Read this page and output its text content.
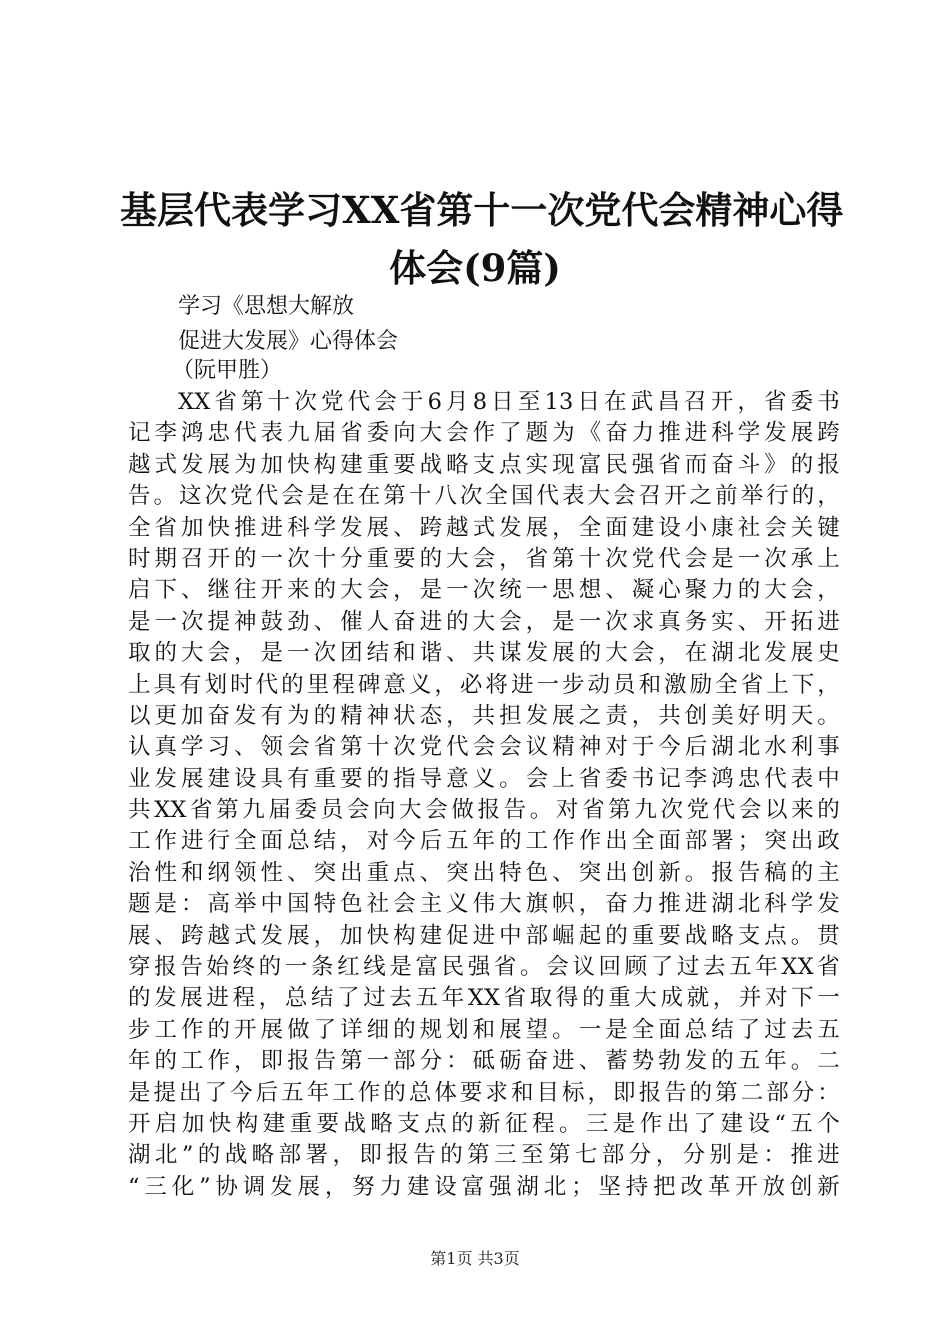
基层代表学习XX省第十一次党代会精神心得
体会(9篇)
学习《思想大解放
促进大发展》心得体会
（阮甲胜）
XX省第十次党代会于6月8日至13日在武昌召开，省委书
记李鸿忠代表九届省委向大会作了题为《奋力推进科学发展跨
越式发展为加快构建重要战略支点实现富民强省而奋斗》的报
告。这次党代会是在在第十八次全国代表大会召开之前举行的，
全省加快推进科学发展、跨越式发展，全面建设小康社会关键
时期召开的一次十分重要的大会，省第十次党代会是一次承上
启下、继往开来的大会，是一次统一思想、凝心聚力的大会，
是一次提神鼓劲、催人奋进的大会，是一次求真务实、开拓进
取的大会，是一次团结和谐、共谋发展的大会，在湖北发展史
上具有划时代的里程碑意义，必将进一步动员和激励全省上下，
以更加奋发有为的精神状态，共担发展之责，共创美好明天。
认真学习、领会省第十次党代会会议精神对于今后湖北水利事
业发展建设具有重要的指导意义。会上省委书记李鸿忠代表中
共XX省第九届委员会向大会做报告。对省第九次党代会以来的
工作进行全面总结，对今后五年的工作作出全面部署；突出政
治性和纲领性、突出重点、突出特色、突出创新。报告稿的主
题是：高举中国特色社会主义伟大旗帜，奋力推进湖北科学发
展、跨越式发展，加快构建促进中部崛起的重要战略支点。贯
穿报告始终的一条红线是富民强省。会议回顾了过去五年XX省
的发展进程，总结了过去五年XX省取得的重大成就，并对下一
步工作的开展做了详细的规划和展望。一是全面总结了过去五
年的工作，即报告第一部分：砥砺奋进、蓄势勃发的五年。二
是提出了今后五年工作的总体要求和目标，即报告的第二部分：
开启加快构建重要战略支点的新征程。三是作出了建设“五个
湖北”的战略部署，即报告的第三至第七部分，分别是：推进
“三化”协调发展，努力建设富强湖北；坚持把改革开放创新
第1页 共3页
